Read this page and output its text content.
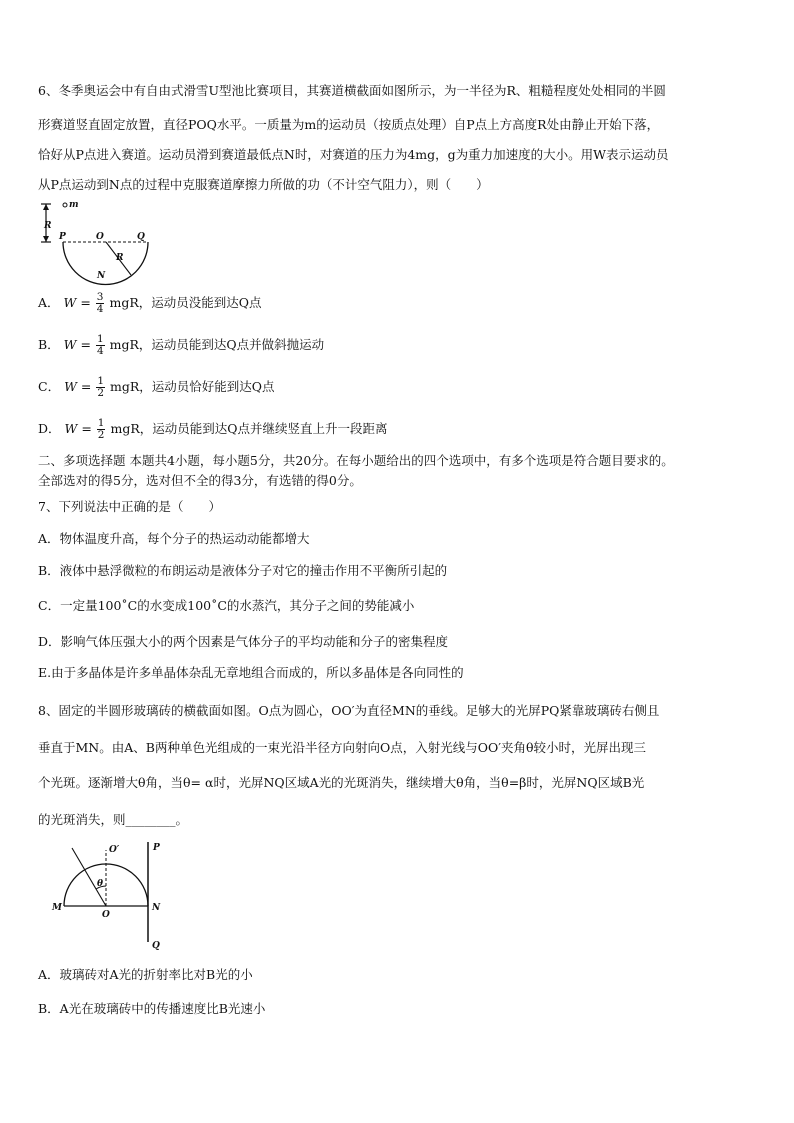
6、冬季奥运会中有自由式滑雪U型池比赛项目，其赛道横截面如图所示，为一半径为R、粗糙程度处处相同的半圆
形赛道竖直固定放置，直径POQ水平。一质量为m的运动员（按质点处理）自P点上方高度R处由静止开始下落，
恰好从P点进入赛道。运动员滑到赛道最低点N时，对赛道的压力为4mg，g为重力加速度的大小。用W表示运动员
从P点运动到N点的过程中克服赛道摩擦力所做的功（不计空气阻力），则（　　）
m
R
P	O	Q
R
N
A． $W = \frac{3}{4}$ mgR，运动员没能到达Q点
B． $W = \frac{1}{4}$ mgR，运动员能到达Q点并做斜抛运动
C． $W = \frac{1}{2}$ mgR，运动员恰好能到达Q点
D． $W = \frac{1}{2}$ mgR，运动员能到达Q点并继续竖直上升一段距离
二、多项选择题 本题共4小题，每小题5分，共20分。在每小题给出的四个选项中，有多个选项是符合题目要求的。
全部选对的得5分，选对但不全的得3分，有选错的得0分。
7、下列说法中正确的是（　　）
A．物体温度升高，每个分子的热运动动能都增大
B．液体中悬浮微粒的布朗运动是液体分子对它的撞击作用不平衡所引起的
C．一定量100˚C的水变成100˚C的水蒸汽，其分子之间的势能减小
D．影响气体压强大小的两个因素是气体分子的平均动能和分子的密集程度
E.由于多晶体是许多单晶体杂乱无章地组合而成的，所以多晶体是各向同性的
8、固定的半圆形玻璃砖的横截面如图。O点为圆心，OO′为直径MN的垂线。足够大的光屏PQ紧靠玻璃砖右侧且
垂直于MN。由A、B两种单色光组成的一束光沿半径方向射向O点，入射光线与OO′夹角θ较小时，光屏出现三
个光斑。逐渐增大θ角，当θ= α时，光屏NQ区域A光的光斑消失，继续增大θ角，当θ=β时，光屏NQ区域B光
的光斑消失，则________。
O′	P
θ
M
O
N
Q
A．玻璃砖对A光的折射率比对B光的小
B．A光在玻璃砖中的传播速度比B光速小
